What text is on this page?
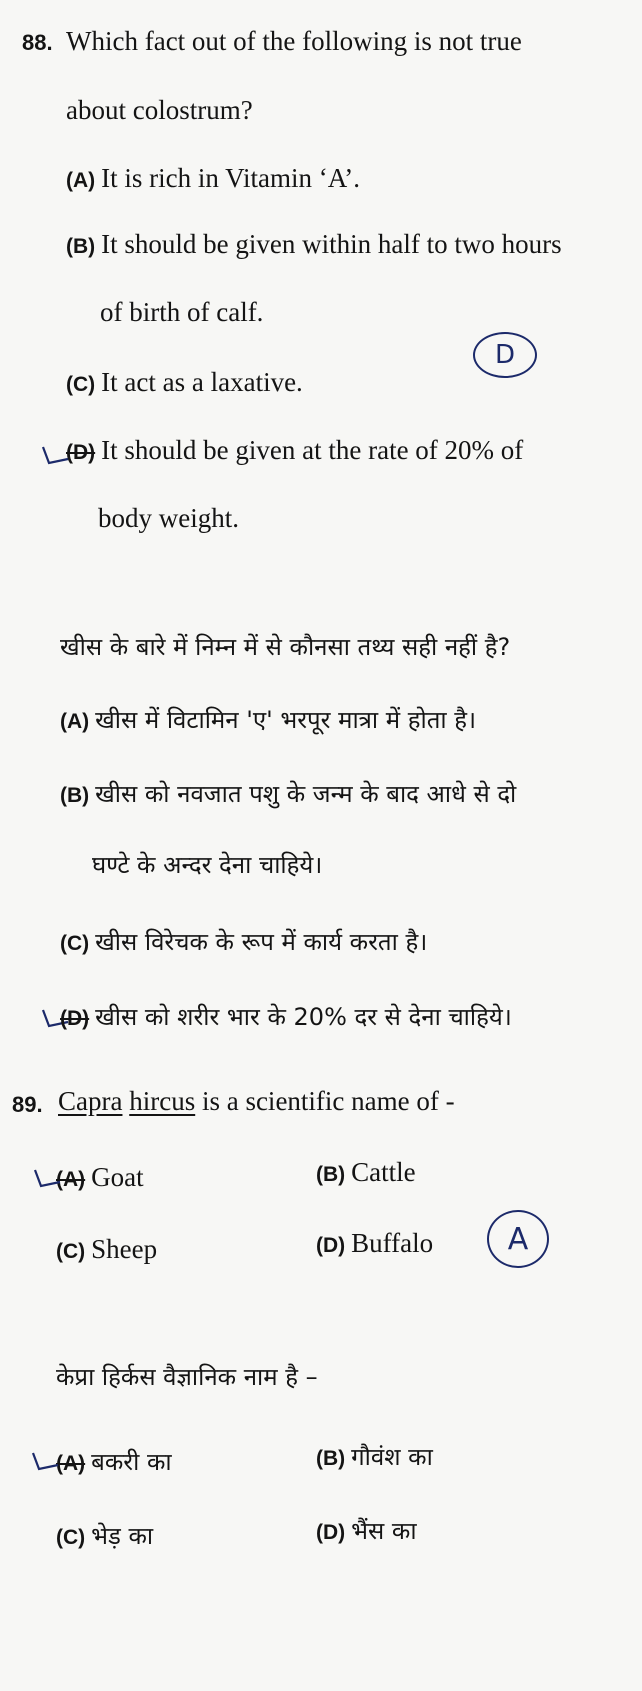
88. Which fact out of the following is not true
about colostrum?
(A) It is rich in Vitamin ‘A’.
(B) It should be given within half to two hours
of birth of calf.
(C) It act as a laxative.
(D) It should be given at the rate of 20% of
body weight.
D
खीस के बारे में निम्न में से कौनसा तथ्य सही नहीं है?
(A) खीस में विटामिन 'ए' भरपूर मात्रा में होता है।
(B) खीस को नवजात पशु के जन्म के बाद आधे से दो
घण्टे के अन्दर देना चाहिये।
(C) खीस विरेचक के रूप में कार्य करता है।
(D) खीस को शरीर भार के 20% दर से देना चाहिये।
89. Capra hircus is a scientific name of -
(A) Goat	(B) Cattle
(C) Sheep	(D) Buffalo A
केप्रा हिर्कस वैज्ञानिक नाम है –
(A) बकरी का	(B) गौवंश का
(C) भेड़ का	(D) भैंस का
